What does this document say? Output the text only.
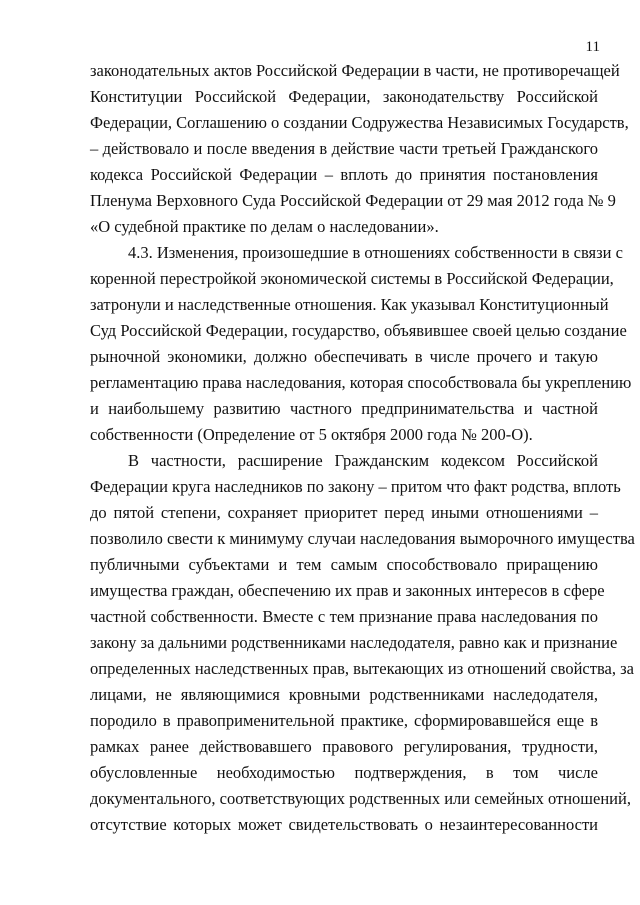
11

законодательных актов Российской Федерации в части, не противоречащей
Конституции Российской Федерации, законодательству Российской
Федерации, Соглашению о создании Содружества Независимых Государств,
– действовало и после введения в действие части третьей Гражданского
кодекса Российской Федерации – вплоть до принятия постановления
Пленума Верховного Суда Российской Федерации от 29 мая 2012 года № 9
«О судебной практике по делам о наследовании».

4.3. Изменения, произошедшие в отношениях собственности в связи с
коренной перестройкой экономической системы в Российской Федерации,
затронули и наследственные отношения. Как указывал Конституционный
Суд Российской Федерации, государство, объявившее своей целью создание
рыночной экономики, должно обеспечивать в числе прочего и такую
регламентацию права наследования, которая способствовала бы укреплению
и наибольшему развитию частного предпринимательства и частной
собственности (Определение от 5 октября 2000 года № 200-О).

В частности, расширение Гражданским кодексом Российской
Федерации круга наследников по закону – притом что факт родства, вплоть
до пятой степени, сохраняет приоритет перед иными отношениями –
позволило свести к минимуму случаи наследования выморочного имущества
публичными субъектами и тем самым способствовало приращению
имущества граждан, обеспечению их прав и законных интересов в сфере
частной собственности. Вместе с тем признание права наследования по
закону за дальними родственниками наследодателя, равно как и признание
определенных наследственных прав, вытекающих из отношений свойства, за
лицами, не являющимися кровными родственниками наследодателя,
породило в правоприменительной практике, сформировавшейся еще в
рамках ранее действовавшего правового регулирования, трудности,
обусловленные необходимостью подтверждения, в том числе
документального, соответствующих родственных или семейных отношений,
отсутствие которых может свидетельствовать о незаинтересованности
